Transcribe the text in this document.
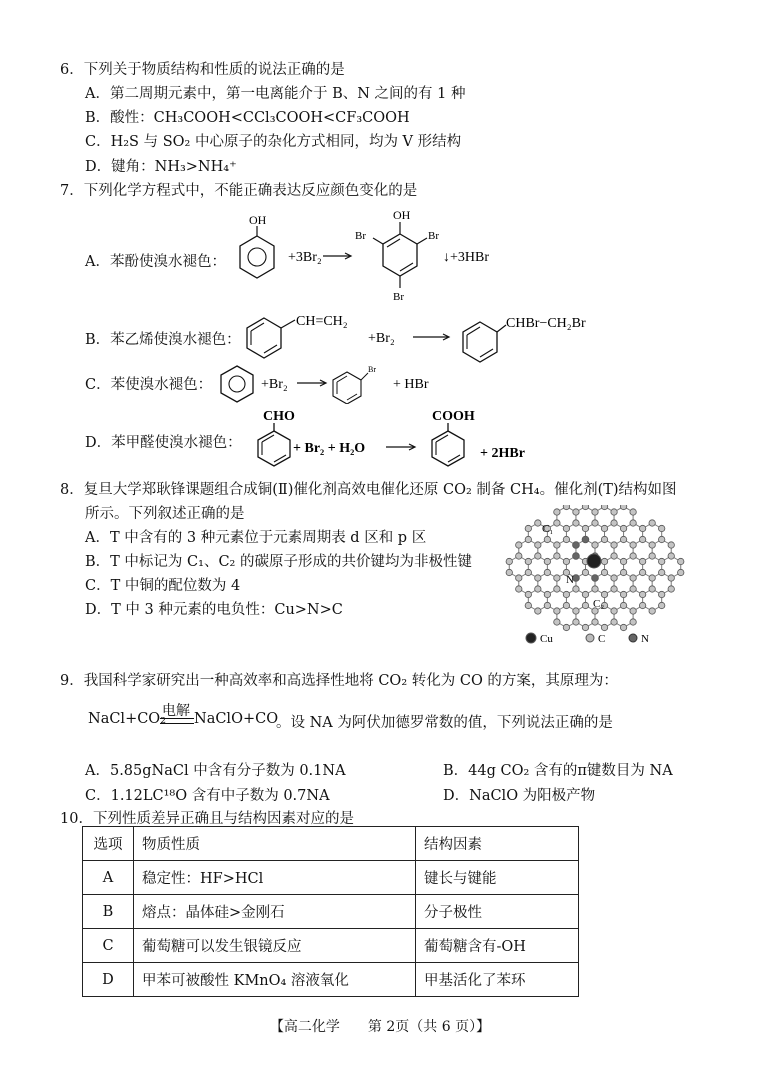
6．下列关于物质结构和性质的说法正确的是
A．第二周期元素中，第一电离能介于 B、N 之间的有 1 种
B．酸性：CH₃COOH<CCl₃COOH<CF₃COOH
C．H₂S 与 SO₂ 中心原子的杂化方式相同，均为 V 形结构
D．键角：NH₃>NH₄⁺
7．下列化学方程式中，不能正确表达反应颜色变化的是
A．苯酚使溴水褪色：
OH
+3Br₂
OH
Br	Br
Br
↓+3HBr
B．苯乙烯使溴水褪色：
CH=CH₂
+Br₂
CHBr−CH₂Br
C．苯使溴水褪色：	+Br₂
Br
+ HBr
D．苯甲醛使溴水褪色：
CHO
+ Br₂ + H₂O
COOH
+ 2HBr
8．复旦大学郑耿锋课题组合成铜(Ⅱ)催化剂高效电催化还原 CO₂ 制备 CH₄。催化剂(T)结构如图
所示。下列叙述正确的是
A．T 中含有的 3 种元素位于元素周期表 d 区和 p 区
B．T 中标记为 C₁、C₂ 的碳原子形成的共价键均为非极性键
C．T 中铜的配位数为 4
D．T 中 3 种元素的电负性：Cu>N>C
C₁
N
C₂
Cu	C	N
9．我国科学家研究出一种高效率和高选择性地将 CO₂ 转化为 CO 的方案，其原理为：
NaCl+CO₂
电解 NaClO+CO
。设 NA 为阿伏加德罗常数的值，下列说法正确的是
A．5.85gNaCl 中含有分子数为 0.1NA	B．44g CO₂ 含有的π键数目为 NA
C．1.12LC¹⁸O 含有中子数为 0.7NA	D．NaClO 为阳极产物
10．下列性质差异正确且与结构因素对应的是
选项	物质性质	结构因素
A	稳定性：HF>HCl	键长与键能
B	熔点：晶体硅>金刚石	分子极性
C	葡萄糖可以发生银镜反应	葡萄糖含有-OH
D	甲苯可被酸性 KMnO₄ 溶液氧化	甲基活化了苯环
【高二化学　　第 2页（共 6 页）】
